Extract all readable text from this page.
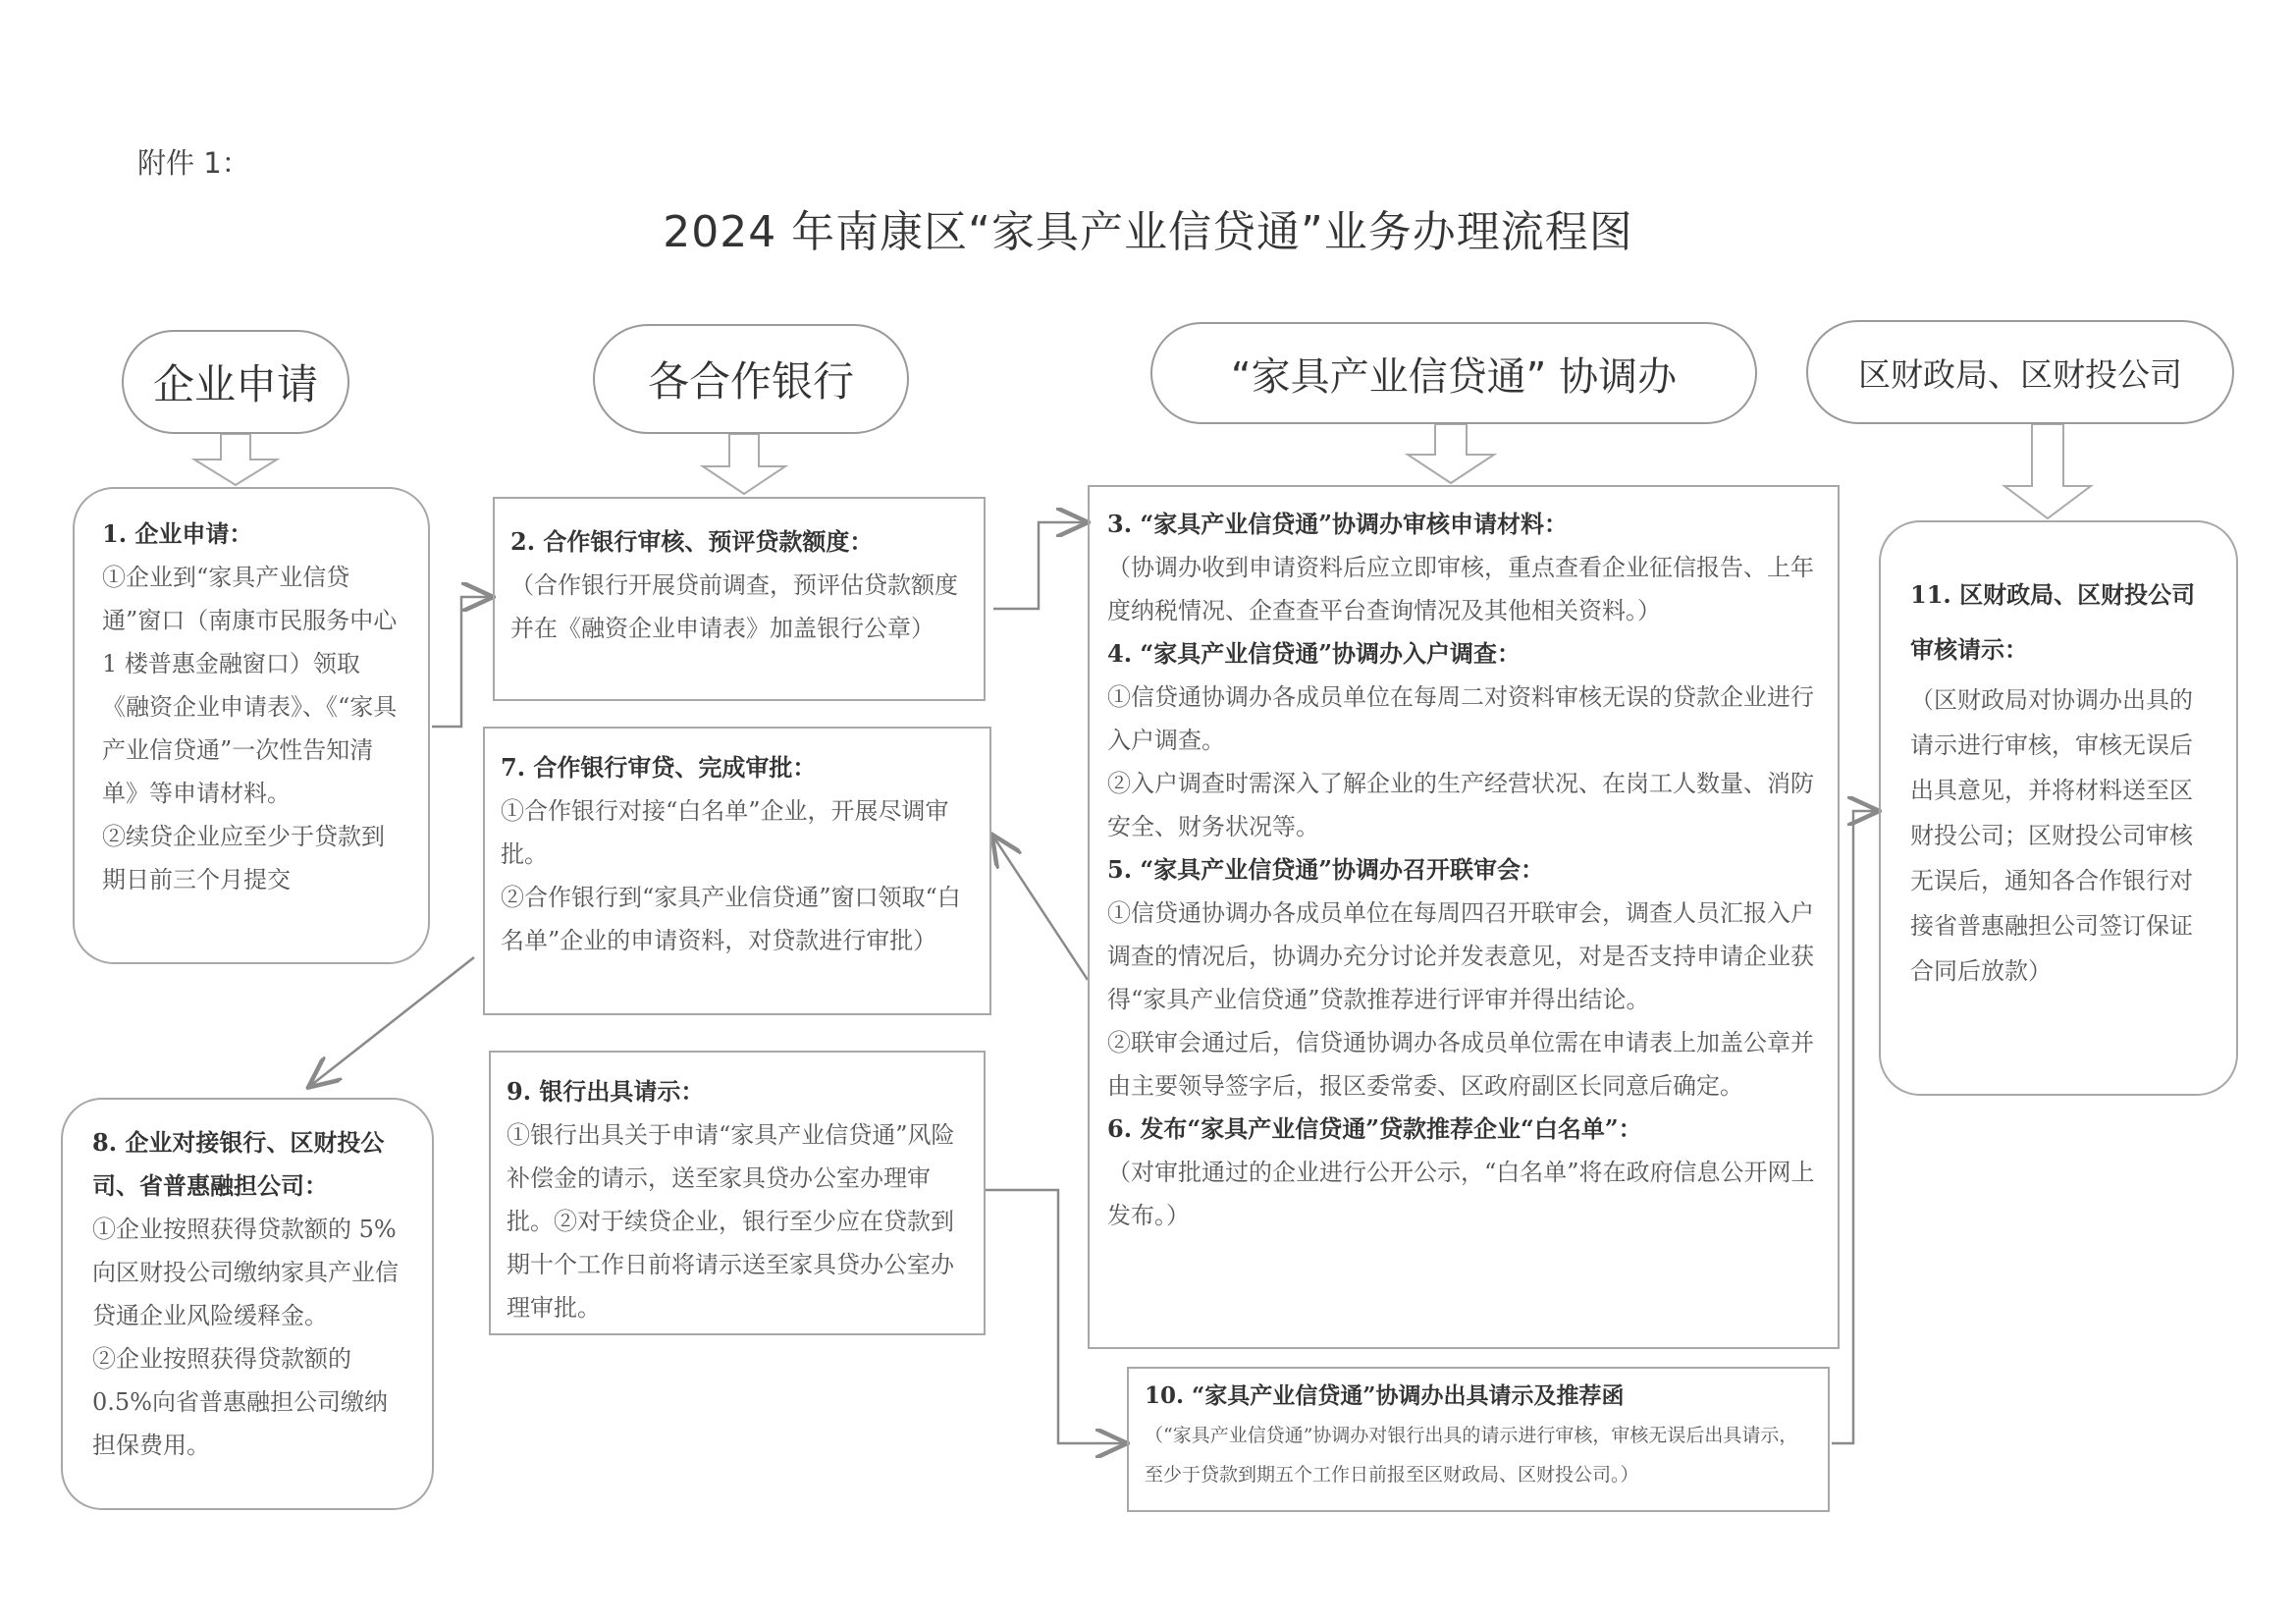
附件 1：
2024 年南康区“家具产业信贷通”业务办理流程图
企业申请	各合作银行	“家具产业信贷通” 协调办	区财政局、区财投公司

1. 企业申请：

①企业到“家具产业信贷通”窗口（南康市民服务中心 1 楼普惠金融窗口）领取《融资企业申请表》、《“家具产业信贷通”一次性告知清单》等申请材料。

②续贷企业应至少于贷款到期日前三个月提交

2. 合作银行审核、预评贷款额度：

（合作银行开展贷前调查，预评估贷款额度并在《融资企业申请表》加盖银行公章）

3. “家具产业信贷通”协调办审核申请材料：

（协调办收到申请资料后应立即审核，重点查看企业征信报告、上年度纳税情况、企查查平台查询情况及其他相关资料。）

4. “家具产业信贷通”协调办入户调查：

①信贷通协调办各成员单位在每周二对资料审核无误的贷款企业进行入户调查。

②入户调查时需深入了解企业的生产经营状况、在岗工人数量、消防安全、财务状况等。

5. “家具产业信贷通”协调办召开联审会：

①信贷通协调办各成员单位在每周四召开联审会，调查人员汇报入户调查的情况后，协调办充分讨论并发表意见，对是否支持申请企业获得“家具产业信贷通”贷款推荐进行评审并得出结论。

②联审会通过后，信贷通协调办各成员单位需在申请表上加盖公章并由主要领导签字后，报区委常委、区政府副区长同意后确定。

6. 发布“家具产业信贷通”贷款推荐企业“白名单”：

（对审批通过的企业进行公开公示，“白名单”将在政府信息公开网上发布。）

7. 合作银行审贷、完成审批：

①合作银行对接“白名单”企业，开展尽调审批。

②合作银行到“家具产业信贷通”窗口领取“白名单”企业的申请资料，对贷款进行审批）

8. 企业对接银行、区财投公司、省普惠融担公司：

①企业按照获得贷款额的 5%向区财投公司缴纳家具产业信贷通企业风险缓释金。

②企业按照获得贷款额的 0.5%向省普惠融担公司缴纳担保费用。

9. 银行出具请示：

①银行出具关于申请“家具产业信贷通”风险补偿金的请示，送至家具贷办公室办理审批。②对于续贷企业，银行至少应在贷款到期十个工作日前将请示送至家具贷办公室办理审批。

10. “家具产业信贷通”协调办出具请示及推荐函

（“家具产业信贷通”协调办对银行出具的请示进行审核，审核无误后出具请示，至少于贷款到期五个工作日前报至区财政局、区财投公司。）

11. 区财政局、区财投公司审核请示：

（区财政局对协调办出具的请示进行审核，审核无误后出具意见，并将材料送至区财投公司；区财投公司审核无误后，通知各合作银行对接省普惠融担公司签订保证合同后放款）
